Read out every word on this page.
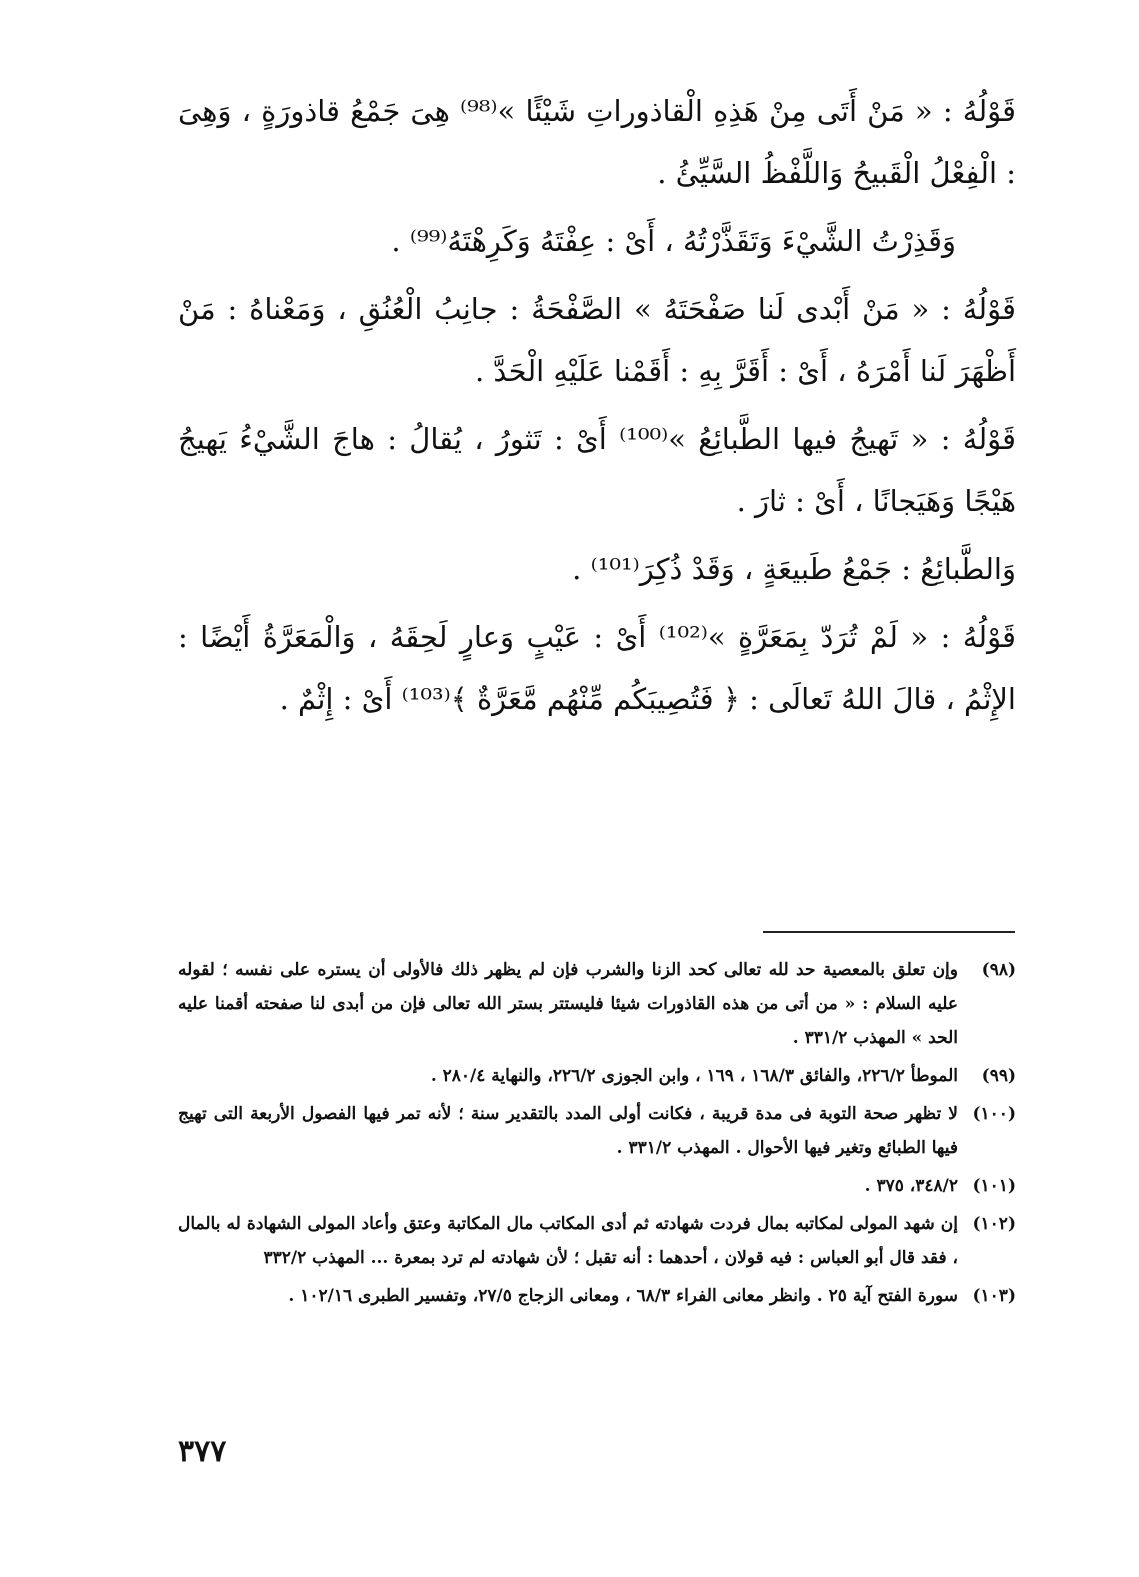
قَوْلُهُ : « مَنْ أَتَى مِنْ هَذِهِ الْقاذوراتِ شَيْئًا »⁽⁹⁸⁾ هِىَ جَمْعُ قاذورَةٍ ، وَهِىَ : الْفِعْلُ الْقَبيحُ وَاللَّفْظُ السَّيِّئُ .

وَقَذِرْتُ الشَّيْءَ وَتَقَذَّرْتُهُ ، أَىْ : عِفْتَهُ وَكَرِهْتَهُ⁽⁹⁹⁾ .

قَوْلُهُ : « مَنْ أَبْدى لَنا صَفْحَتَهُ » الصَّفْحَةُ : جانِبُ الْعُنُقِ ، وَمَعْناهُ : مَنْ أَظْهَرَ لَنا أَمْرَهُ ، أَىْ : أَقَرَّ بِهِ : أَقَمْنا عَلَيْهِ الْحَدَّ .

قَوْلُهُ : « تَهيجُ فيها الطَّبائِعُ »⁽¹⁰⁰⁾ أَىْ : تَثورُ ، يُقالُ : هاجَ الشَّيْءُ يَهيجُ هَيْجًا وَهَيَجانًا ، أَىْ : ثارَ .

وَالطَّبائِعُ : جَمْعُ طَبيعَةٍ ، وَقَدْ ذُكِرَ⁽¹⁰¹⁾ .

قَوْلُهُ : « لَمْ تُرَدّ بِمَعَرَّةٍ »⁽¹⁰²⁾ أَىْ : عَيْبٍ وَعارٍ لَحِقَهُ ، وَالْمَعَرَّةُ أَيْضًا : الإِثْمُ ، قالَ اللهُ تَعالَى : ﴿ فَتُصِيبَكُم مِّنْهُم مَّعَرَّةٌ ﴾⁽¹⁰³⁾ أَىْ : إِثْمٌ .

(٩٨)
وإن تعلق بالمعصية حد لله تعالى كحد الزنا والشرب فإن لم يظهر ذلك فالأولى أن يستره على نفسه ؛ لقوله عليه السلام : « من أتى من هذه القاذورات شيئا فليستتر بستر الله تعالى فإن من أبدى لنا صفحته أقمنا عليه الحد » المهذب ٣٣١/٢ .
(٩٩)
الموطأ ٢٢٦/٢، والفائق ١٦٨/٣ ، ١٦٩ ، وابن الجوزى ٢٢٦/٢، والنهاية ٢٨٠/٤ .
(١٠٠)
لا تظهر صحة التوبة فى مدة قريبة ، فكانت أولى المدد بالتقدير سنة ؛ لأنه تمر فيها الفصول الأربعة التى تهيج فيها الطبائع وتغير فيها الأحوال . المهذب ٣٣١/٢ .
(١٠١)
٣٤٨/٢، ٣٧٥ .
(١٠٢)
إن شهد المولى لمكاتبه بمال فردت شهادته ثم أدى المكاتب مال المكاتبة وعتق وأعاد المولى الشهادة له بالمال ، فقد قال أبو العباس : فيه قولان ، أحدهما : أنه تقبل ؛ لأن شهادته لم ترد بمعرة ... المهذب ٣٣٢/٢
(١٠٣)
سورة الفتح آية ٢٥ . وانظر معانى الفراء ٦٨/٣ ، ومعانى الزجاج ٢٧/٥، وتفسير الطبرى ١٠٢/١٦ .
٣٧٧
